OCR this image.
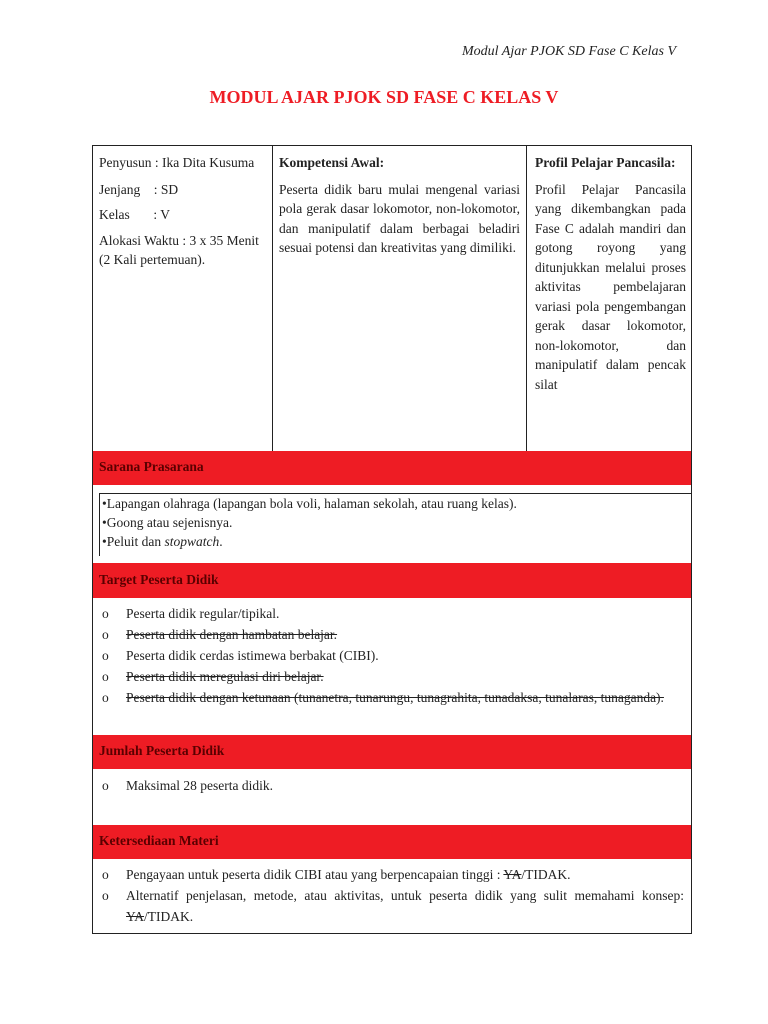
Modul Ajar PJOK SD Fase C Kelas V
MODUL AJAR PJOK SD FASE C KELAS V

Penyusun : Ika Dita Kusuma

Jenjang    : SD

Kelas       : V

Alokasi Waktu : 3 x 35 Menit (2 Kali pertemuan).

Kompetensi Awal:

Peserta didik baru mulai mengenal variasi pola gerak dasar lokomotor, non-lokomotor, dan manipulatif dalam berbagai beladiri sesuai potensi dan kreativitas yang dimiliki.

Profil Pelajar Pancasila:

Profil Pelajar Pancasila yang dikembangkan pada Fase C adalah mandiri dan gotong royong yang ditunjukkan melalui proses aktivitas pembelajaran variasi pola pengembangan gerak dasar lokomotor, non-lokomotor, dan manipulatif dalam pencak silat

Sarana Prasarana
•Lapangan olahraga (lapangan bola voli, halaman sekolah, atau ruang kelas).
•Goong atau sejenisnya.
•Peluit dan stopwatch.
Target Peserta Didik
o Peserta didik regular/tipikal.
o Peserta didik dengan hambatan belajar.
o Peserta didik cerdas istimewa berbakat (CIBI).
o Peserta didik meregulasi diri belajar.
o Peserta didik dengan ketunaan (tunanetra, tunarungu, tunagrahita, tunadaksa, tunalaras, tunaganda).
Jumlah Peserta Didik
o Maksimal 28 peserta didik.
Ketersediaan Materi
o Pengayaan untuk peserta didik CIBI atau yang berpencapaian tinggi : YA/TIDAK.
o Alternatif penjelasan, metode, atau aktivitas, untuk peserta didik yang sulit memahami konsep: YA/TIDAK.
